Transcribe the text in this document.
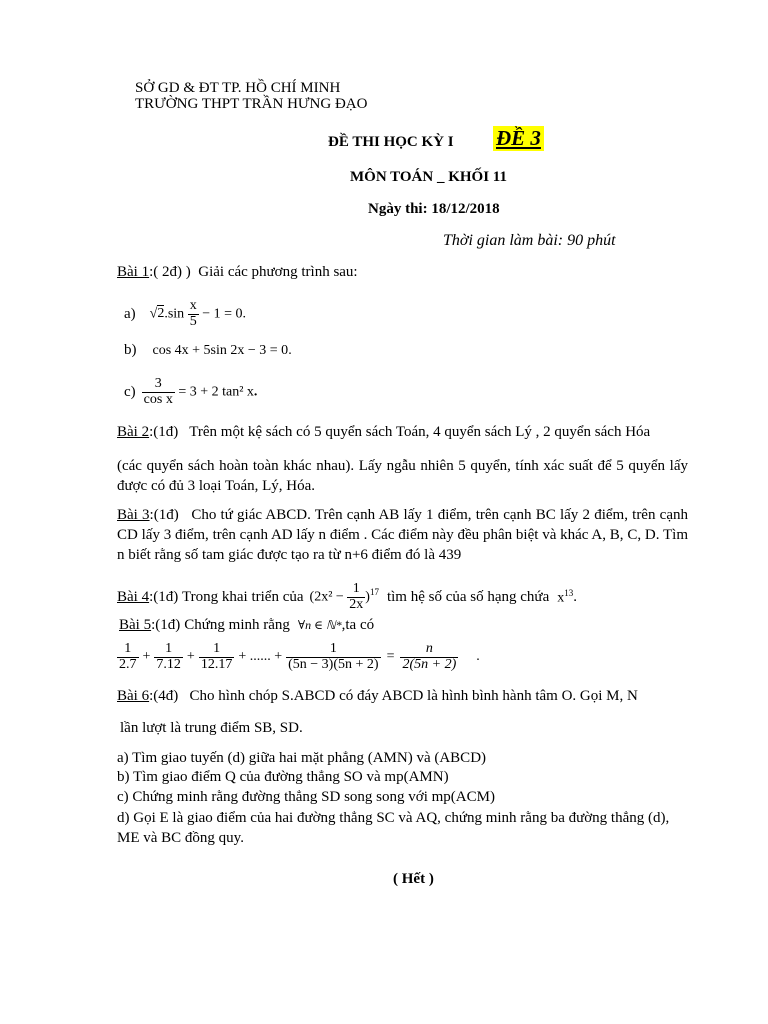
SỞ GD & ĐT TP. HỒ CHÍ MINH
TRƯỜNG THPT TRẦN HƯNG ĐẠO
ĐỀ THI HỌC KỲ I ĐỀ 3
MÔN TOÁN _ KHỐI 11
Ngày thi: 18/12/2018
Thời gian làm bài: 90 phút
Bài 1:( 2đ) ) Giải các phương trình sau:
a) $√2.\sin \frac{x}{5} - 1 = 0$.
b) cos 4x + 5sin 2x − 3 = 0.
$c) \frac{3}{\text{cos x}} = 3 + 2$ tan² x.
Bài 2:(1đ) Trên một kệ sách có 5 quyển sách Toán, 4 quyển sách Lý , 2 quyển sách Hóa
(các quyển sách hoàn toàn khác nhau). Lấy ngẫu nhiên 5 quyển, tính xác suất để 5 quyển lấy được có đủ 3 loại Toán, Lý, Hóa.
Bài 3:(1đ) Cho tứ giác ABCD. Trên cạnh AB lấy 1 điểm, trên cạnh BC lấy 2 điểm, trên cạnh CD lấy 3 điểm, trên cạnh AD lấy n điểm . Các điểm này đều phân biệt và khác A, B, C, D. Tìm n biết rằng số tam giác được tạo ra từ n+6 điểm đó là 439
Bài 4 :(1đ)
Trong khai triển của $(2x^2 - \frac{1}{2x} )^{17}$ tìm hệ số của số hạng chứa $x^{13}$ .
Bài 5 :(1đ) Chứng minh rằng ∀n ∈ ℕ* ,ta có
$\frac{1}{2.7} + \frac{1}{7.12} + \frac{1}{12.17}$ + ...... + $\frac{1}{(5n - 3)(5n + 2)} = \frac{n}{2(5n + 2)}$ .
Bài 6:(4đ) Cho hình chóp S.ABCD có đáy ABCD là hình bình hành tâm O. Gọi M, N
lần lượt là trung điểm SB, SD.
a) Tìm giao tuyến (d) giữa hai mặt phẳng (AMN) và (ABCD)
b) Tìm giao điểm Q của đường thẳng SO và mp(AMN)
c) Chứng minh rằng đường thẳng SD song song với mp(ACM)
d) Gọi E là giao điểm của hai đường thẳng SC và AQ, chứng minh rằng ba đường thẳng (d), ME và BC đồng quy.
( Hết )
